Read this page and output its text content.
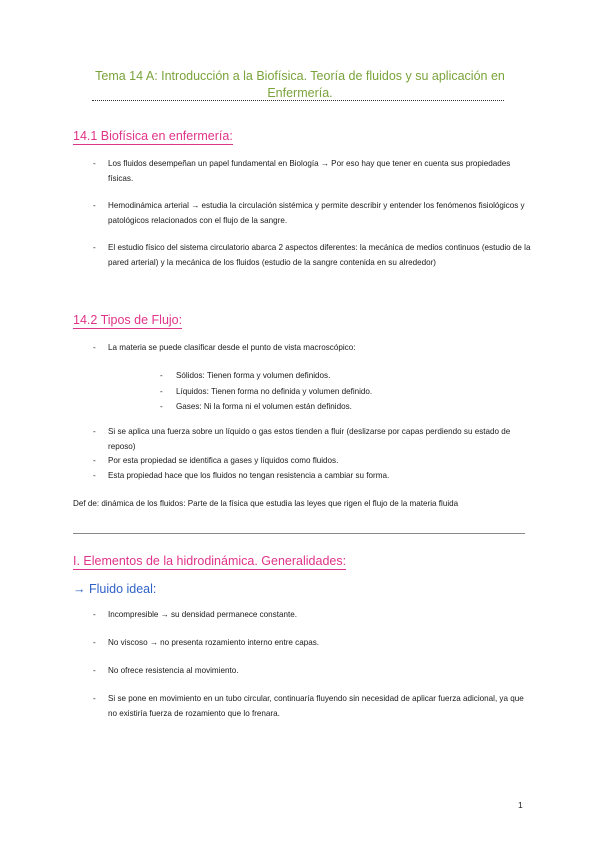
Tema 14 A: Introducción a la Biofísica. Teoría de fluidos y su aplicación en Enfermería.
14.1 Biofísica en enfermería:
- Los fluidos desempeñan un papel fundamental en Biología → Por eso hay que tener en cuenta sus propiedades físicas.
- Hemodinámica arterial → estudia la circulación sistémica y permite describir y entender los fenómenos fisiológicos y patológicos relacionados con el flujo de la sangre.
- El estudio físico del sistema circulatorio abarca 2 aspectos diferentes: la mecánica de medios continuos (estudio de la pared arterial) y la mecánica de los fluidos (estudio de la sangre contenida en su alrededor)
14.2 Tipos de Flujo:
- La materia se puede clasificar desde el punto de vista macroscópico:
- Sólidos: Tienen forma y volumen definidos.
- Líquidos: Tienen forma no definida y volumen definido.
- Gases: Ni la forma ni el volumen están definidos.
- Si se aplica una fuerza sobre un líquido o gas estos tienden a fluir (deslizarse por capas perdiendo su estado de reposo)
- Por esta propiedad se identifica a gases y líquidos como fluidos.
- Esta propiedad hace que los fluidos no tengan resistencia a cambiar su forma.
Def de: dinámica de los fluidos: Parte de la física que estudia las leyes que rigen el flujo de la materia fluida
I. Elementos de la hidrodinámica. Generalidades:
→ Fluido ideal:
- Incompresible → su densidad permanece constante.
- No viscoso → no presenta rozamiento interno entre capas.
- No ofrece resistencia al movimiento.
- Si se pone en movimiento en un tubo circular, continuaría fluyendo sin necesidad de aplicar fuerza adicional, ya que no existiría fuerza de rozamiento que lo frenara.
1
